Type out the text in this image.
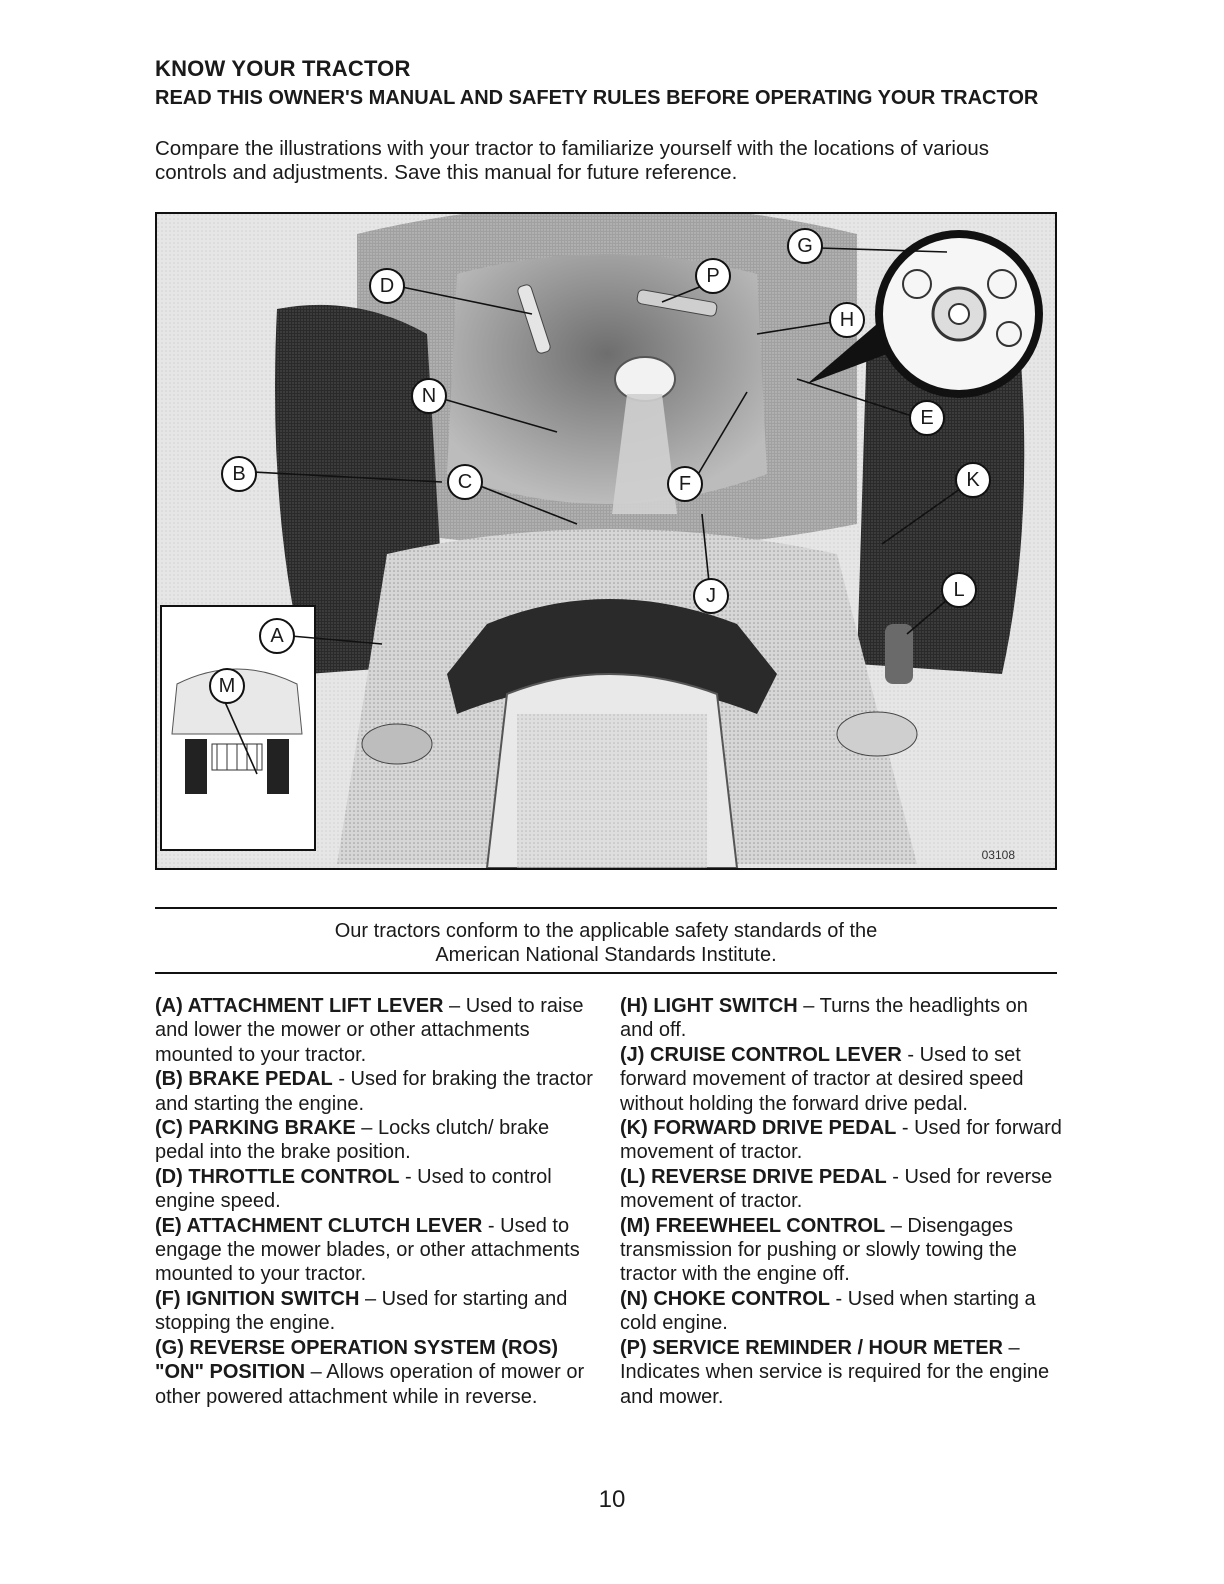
KNOW YOUR TRACTOR
READ THIS OWNER'S MANUAL AND SAFETY RULES BEFORE OPERATING YOUR TRACTOR
Compare the illustrations with your tractor to familiarize yourself with the locations of various controls and adjustments. Save this manual for future reference.
D	P
G
H
N
E
B	C	F	K
J	L
A
M
03108
Our tractors conform to the applicable safety standards of the
American National Standards Institute.

(A) ATTACHMENT LIFT LEVER – Used to raise and lower the mower or other attachments mounted to your tractor.

(B) BRAKE PEDAL - Used for braking the tractor and starting the engine.

(C) PARKING BRAKE – Locks clutch/ brake pedal into the brake position.

(D) THROTTLE CONTROL - Used to control engine speed.

(E) ATTACHMENT CLUTCH LEVER - Used to engage the mower blades, or other attachments mounted to your tractor.

(F) IGNITION SWITCH – Used for starting and stopping the engine.

(G) REVERSE OPERATION SYSTEM (ROS) "ON" POSITION – Allows operation of mower or other powered attachment while in reverse.

(H) LIGHT SWITCH – Turns the headlights on and off.

(J) CRUISE CONTROL LEVER - Used to set forward movement of tractor at desired speed without holding the forward drive pedal.

(K) FORWARD DRIVE PEDAL - Used for forward movement of tractor.

(L) REVERSE DRIVE PEDAL - Used for reverse movement of tractor.

(M) FREEWHEEL CONTROL – Disengages transmission for pushing or slowly towing the tractor with the engine off.

(N) CHOKE CONTROL - Used when starting a cold engine.

(P) SERVICE REMINDER / HOUR METER – Indicates when service is required for the engine and mower.

10
